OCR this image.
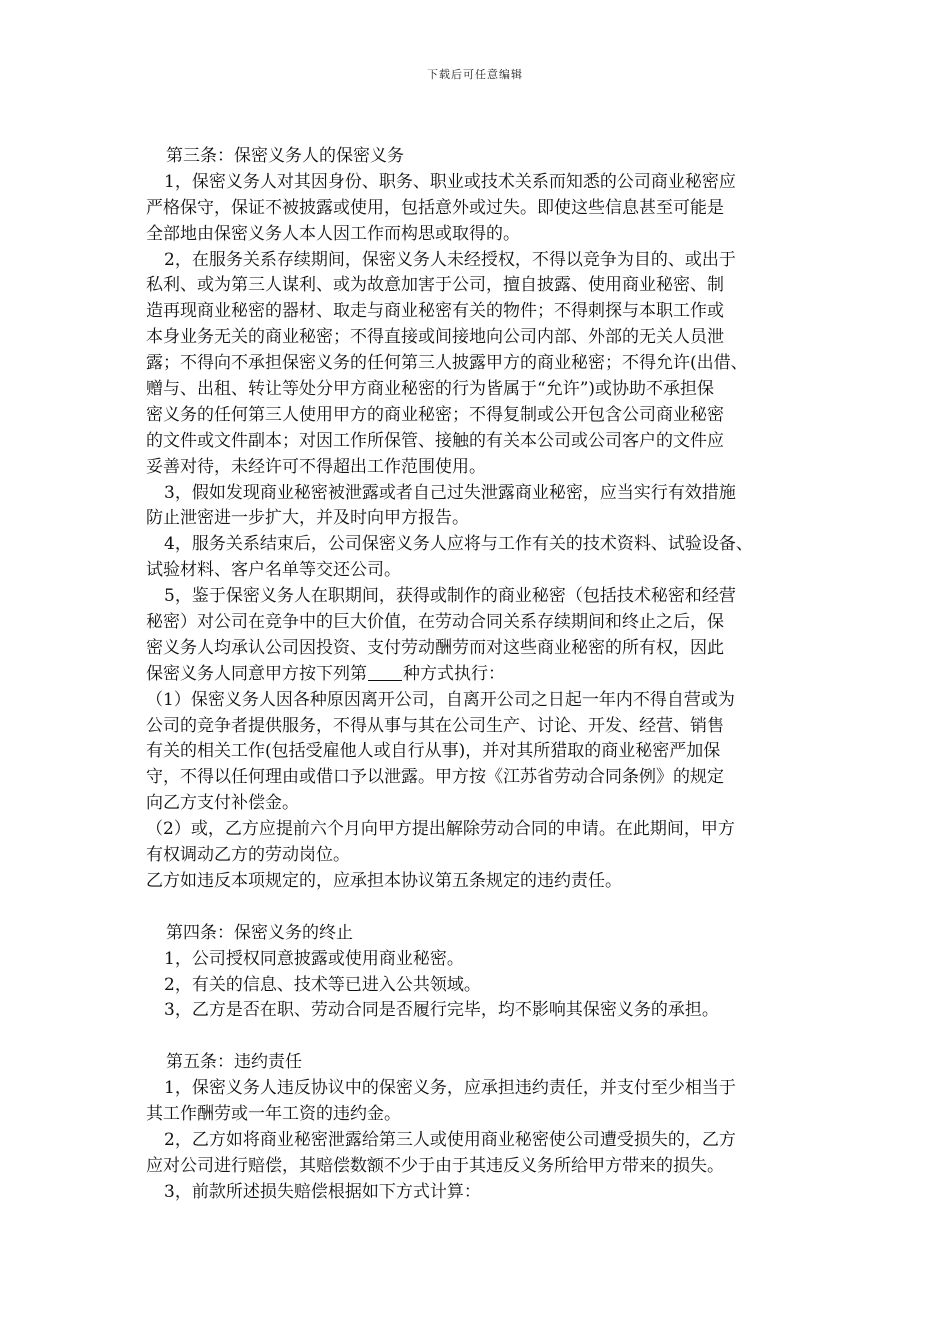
下载后可任意编辑
第三条：保密义务人的保密义务
1，保密义务人对其因身份、职务、职业或技术关系而知悉的公司商业秘密应
严格保守，保证不被披露或使用，包括意外或过失。即使这些信息甚至可能是
全部地由保密义务人本人因工作而构思或取得的。
2，在服务关系存续期间，保密义务人未经授权，不得以竞争为目的、或出于
私利、或为第三人谋利、或为故意加害于公司，擅自披露、使用商业秘密、制
造再现商业秘密的器材、取走与商业秘密有关的物件；不得刺探与本职工作或
本身业务无关的商业秘密；不得直接或间接地向公司内部、外部的无关人员泄
露；不得向不承担保密义务的任何第三人披露甲方的商业秘密；不得允许(出借、
赠与、出租、转让等处分甲方商业秘密的行为皆属于“允许”)或协助不承担保
密义务的任何第三人使用甲方的商业秘密；不得复制或公开包含公司商业秘密
的文件或文件副本；对因工作所保管、接触的有关本公司或公司客户的文件应
妥善对待，未经许可不得超出工作范围使用。
3，假如发现商业秘密被泄露或者自己过失泄露商业秘密，应当实行有效措施
防止泄密进一步扩大，并及时向甲方报告。
4，服务关系结束后，公司保密义务人应将与工作有关的技术资料、试验设备、
试验材料、客户名单等交还公司。
5，鉴于保密义务人在职期间，获得或制作的商业秘密（包括技术秘密和经营
秘密）对公司在竞争中的巨大价值，在劳动合同关系存续期间和终止之后，保
密义务人均承认公司因投资、支付劳动酬劳而对这些商业秘密的所有权，因此
保密义务人同意甲方按下列第 种方式执行：
（1）保密义务人因各种原因离开公司，自离开公司之日起一年内不得自营或为
公司的竞争者提供服务，不得从事与其在公司生产、讨论、开发、经营、销售
有关的相关工作(包括受雇他人或自行从事)，并对其所猎取的商业秘密严加保
守，不得以任何理由或借口予以泄露。甲方按《江苏省劳动合同条例》的规定
向乙方支付补偿金。
（2）或，乙方应提前六个月向甲方提出解除劳动合同的申请。在此期间，甲方
有权调动乙方的劳动岗位。
乙方如违反本项规定的，应承担本协议第五条规定的违约责任。
第四条：保密义务的终止
1，公司授权同意披露或使用商业秘密。
2，有关的信息、技术等已进入公共领域。
3，乙方是否在职、劳动合同是否履行完毕，均不影响其保密义务的承担。
第五条：违约责任
1，保密义务人违反协议中的保密义务，应承担违约责任，并支付至少相当于
其工作酬劳或一年工资的违约金。
2，乙方如将商业秘密泄露给第三人或使用商业秘密使公司遭受损失的，乙方
应对公司进行赔偿，其赔偿数额不少于由于其违反义务所给甲方带来的损失。
3，前款所述损失赔偿根据如下方式计算：
